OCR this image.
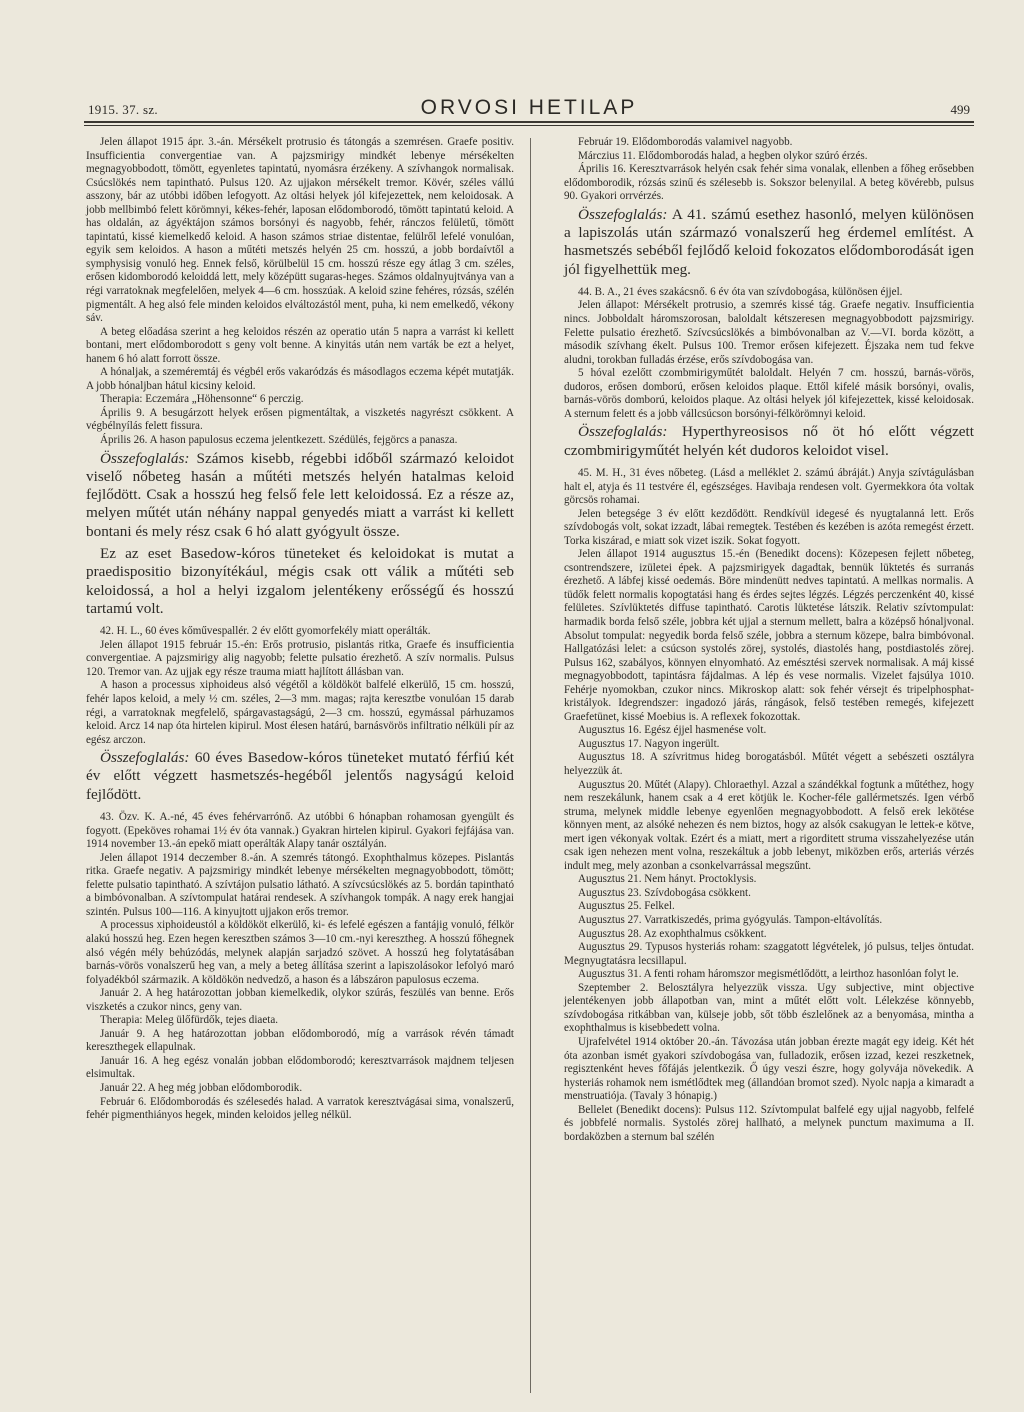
1915. 37. sz.	ORVOSI HETILAP	499

Jelen állapot 1915 ápr. 3.-án. Mérsékelt protrusio és tátongás a szemrésen. Graefe positiv. Insufficientia convergentiae van. A pajzsmirigy mindkét lebenye mérsékelten megnagyobbodott, tömött, egyenletes tapintatú, nyomásra érzékeny. A szívhangok normalisak. Csúcslökés nem tapintható. Pulsus 120. Az ujjakon mérsékelt tremor. Kövér, széles vállú asszony, bár az utóbbi időben lefogyott. Az oltási helyek jól kifejezettek, nem keloidosak. A jobb mellbimbó felett körömnyi, kékes-fehér, laposan elődomborodó, tömött tapintatú keloid. A has oldalán, az ágyéktájon számos borsónyi és nagyobb, fehér, ránczos felületű, tömött tapintatú, kissé kiemelkedő keloid. A hason számos striae distentae, felülről lefelé vonulóan, egyik sem keloidos. A hason a műtéti metszés helyén 25 cm. hosszú, a jobb bordaívtől a symphysisig vonuló heg. Ennek felső, körülbelül 15 cm. hosszú része egy átlag 3 cm. széles, erősen kidomborodó keloiddá lett, mely középütt sugaras-heges. Számos oldalnyujtványa van a régi varratoknak megfelelően, melyek 4—6 cm. hosszúak. A keloid szine fehéres, rózsás, szélén pigmentált. A heg alsó fele minden keloidos elváltozástól ment, puha, ki nem emelkedő, vékony sáv.

A beteg előadása szerint a heg keloidos részén az operatio után 5 napra a varrást ki kellett bontani, mert elődomborodott s geny volt benne. A kinyitás után nem varták be ezt a helyet, hanem 6 hó alatt forrott össze.

A hónaljak, a szeméremtáj és végbél erős vakaródzás és másodlagos eczema képét mutatják. A jobb hónaljban hátul kicsiny keloid.

Therapia: Eczemára „Höhensonne“ 6 perczig.

Április 9. A besugárzott helyek erősen pigmentáltak, a viszketés nagyrészt csökkent. A végbélnyílás felett fissura.

Április 26. A hason papulosus eczema jelentkezett. Szédülés, fejgörcs a panasza.

Összefoglalás: Számos kisebb, régebbi időből származó keloidot viselő nőbeteg hasán a műtéti metszés helyén hatalmas keloid fejlődött. Csak a hosszú heg felső fele lett keloidossá. Ez a része az, melyen műtét után néhány nappal genyedés miatt a varrást ki kellett bontani és mely rész csak 6 hó alatt gyógyult össze.

Ez az eset Basedow-kóros tüneteket és keloidokat is mutat a praedispositio bizonyítékául, mégis csak ott válik a műtéti seb keloidossá, a hol a helyi izgalom jelentékeny erősségű és hosszú tartamú volt.

42. H. L., 60 éves kőművespallér. 2 év előtt gyomorfekély miatt operálták.

Jelen állapot 1915 február 15.-én: Erős protrusio, pislantás ritka, Graefe és insufficientia convergentiae. A pajzsmirigy alig nagyobb; felette pulsatio érezhető. A szív normalis. Pulsus 120. Tremor van. Az ujjak egy része trauma miatt hajlított állásban van.

A hason a processus xiphoideus alsó végétől a köldököt balfelé elkerülő, 15 cm. hosszú, fehér lapos keloid, a mely ½ cm. széles, 2—3 mm. magas; rajta keresztbe vonulóan 15 darab régi, a varratoknak megfelelő, spárgavastagságú, 2—3 cm. hosszú, egymással párhuzamos keloid. Arcz 14 nap óta hirtelen kipirul. Most élesen határú, barnásvörös infiltratio nélküli pír az egész arczon.

Összefoglalás: 60 éves Basedow-kóros tüneteket mutató férfiú két év előtt végzett hasmetszés-hegéből jelentős nagyságú keloid fejlődött.

43. Özv. K. A.-né, 45 éves fehérvarrónő. Az utóbbi 6 hónapban rohamosan gyengült és fogyott. (Epeköves rohamai 1½ év óta vannak.) Gyakran hirtelen kipirul. Gyakori fejfájása van. 1914 november 13.-án epekő miatt operálták Alapy tanár osztályán.

Jelen állapot 1914 deczember 8.-án. A szemrés tátongó. Exophthalmus közepes. Pislantás ritka. Graefe negativ. A pajzsmirigy mindkét lebenye mérsékelten megnagyobbodott, tömött; felette pulsatio tapintható. A szívtájon pulsatio látható. A szívcsúcslökés az 5. bordán tapintható a bimbóvonalban. A szívtompulat határai rendesek. A szívhangok tompák. A nagy erek hangjai szintén. Pulsus 100—116. A kinyujtott ujjakon erős tremor.

A processus xiphoideustól a köldököt elkerülő, ki- és lefelé egészen a fantájig vonuló, félkör alakú hosszú heg. Ezen hegen keresztben számos 3—10 cm.-nyi keresztheg. A hosszú főhegnek alsó végén mély behúzódás, melynek alapján sarjadzó szövet. A hosszú heg folytatásában barnás-vörös vonalszerű heg van, a mely a beteg állítása szerint a lapiszolásokor lefolyó maró folyadékból származik. A köldökön nedvedző, a hason és a lábszáron papulosus eczema.

Január 2. A heg határozottan jobban kiemelkedik, olykor szúrás, feszülés van benne. Erős viszketés a czukor nincs, geny van.

Therapia: Meleg ülőfürdők, tejes diaeta.

Január 9. A heg határozottan jobban elődomborodó, míg a varrások révén támadt kereszthegek ellapulnak.

Január 16. A heg egész vonalán jobban elődomborodó; keresztvarrások majdnem teljesen elsimultak.

Január 22. A heg még jobban elődomborodik.

Február 6. Elődomborodás és szélesedés halad. A varratok keresztvágásai sima, vonalszerű, fehér pigmenthiányos hegek, minden keloidos jelleg nélkül.

Február 19. Elődomborodás valamivel nagyobb.

Márczius 11. Elődomborodás halad, a hegben olykor szúró érzés.

Április 16. Keresztvarrások helyén csak fehér sima vonalak, ellenben a főheg erősebben elődomborodik, rózsás szinű és szélesebb is. Sokszor belenyilal. A beteg kövérebb, pulsus 90. Gyakori orrvérzés.

Összefoglalás: A 41. számú esethez hasonló, melyen különösen a lapiszolás után származó vonalszerű heg érdemel említést. A hasmetszés sebéből fejlődő keloid fokozatos elődomborodását igen jól figyelhettük meg.

44. B. A., 21 éves szakácsnő. 6 év óta van szívdobogása, különösen éjjel.

Jelen állapot: Mérsékelt protrusio, a szemrés kissé tág. Graefe negativ. Insufficientia nincs. Jobboldalt háromszorosan, baloldalt kétszeresen megnagyobbodott pajzsmirigy. Felette pulsatio érezhető. Szívcsúcslökés a bimbóvonalban az V.—VI. borda között, a második szívhang ékelt. Pulsus 100. Tremor erősen kifejezett. Éjszaka nem tud fekve aludni, torokban fulladás érzése, erős szívdobogása van.

5 hóval ezelőtt czombmirigyműtét baloldalt. Helyén 7 cm. hosszú, barnás-vörös, dudoros, erősen domború, erősen keloidos plaque. Ettől kifelé másik borsónyi, ovalis, barnás-vörös domború, keloidos plaque. Az oltási helyek jól kifejezettek, kissé keloidosak. A sternum felett és a jobb vállcsúcson borsónyi-félkörömnyi keloid.

Összefoglalás: Hyperthyreosisos nő öt hó előtt végzett czombmirigyműtét helyén két dudoros keloidot visel.

45. M. H., 31 éves nőbeteg. (Lásd a melléklet 2. számú ábráját.) Anyja szívtágulásban halt el, atyja és 11 testvére él, egészséges. Havibaja rendesen volt. Gyermekkora óta voltak görcsös rohamai.

Jelen betegsége 3 év előtt kezdődött. Rendkívül idegesé és nyugtalanná lett. Erős szívdobogás volt, sokat izzadt, lábai remegtek. Testében és kezében is azóta remegést érzett. Torka kiszárad, e miatt sok vizet iszik. Sokat fogyott.

Jelen állapot 1914 augusztus 15.-én (Benedikt docens): Közepesen fejlett nőbeteg, csontrendszere, izületei épek. A pajzsmirigyek dagadtak, bennük lüktetés és surranás érezhető. A lábfej kissé oedemás. Böre mindenütt nedves tapintatú. A mellkas normalis. A tüdők felett normalis kopogtatási hang és érdes sejtes légzés. Légzés perczenként 40, kissé felületes. Szívlüktetés diffuse tapintható. Carotis lüktetése látszik. Relativ szívtompulat: harmadik borda felső széle, jobbra két ujjal a sternum mellett, balra a középső hónaljvonal. Absolut tompulat: negyedik borda felső széle, jobbra a sternum közepe, balra bimbóvonal. Hallgatózási lelet: a csúcson systolés zörej, systolés, diastolés hang, postdiastolés zörej. Pulsus 162, szabályos, könnyen elnyomható. Az emésztési szervek normalisak. A máj kissé megnagyobbodott, tapintásra fájdalmas. A lép és vese normalis. Vizelet fajsúlya 1010. Fehérje nyomokban, czukor nincs. Mikroskop alatt: sok fehér vérsejt és tripelphosphat-kristályok. Idegrendszer: ingadozó járás, rángások, felső testében remegés, kifejezett Graefetünet, kissé Moebius is. A reflexek fokozottak.

Augusztus 16. Egész éjjel hasmenése volt.

Augusztus 17. Nagyon ingerült.

Augusztus 18. A szívritmus hideg borogatásból. Műtét végett a sebészeti osztályra helyezzük át.

Augusztus 20. Műtét (Alapy). Chloraethyl. Azzal a szándékkal fogtunk a műtéthez, hogy nem reszekálunk, hanem csak a 4 eret kötjük le. Kocher-féle gallérmetszés. Igen vérbő struma, melynek middle lebenye egyenlően megnagyobbodott. A felső erek lekötése könnyen ment, az alsóké nehezen és nem biztos, hogy az alsók csakugyan le lettek-e kötve, mert igen vékonyak voltak. Ezért és a miatt, mert a rigorditett struma visszahelyezése után csak igen nehezen ment volna, reszekáltuk a jobb lebenyt, miközben erős, arteriás vérzés indult meg, mely azonban a csonkelvarrással megszűnt.

Augusztus 21. Nem hányt. Proctoklysis.

Augusztus 23. Szívdobogása csökkent.

Augusztus 25. Felkel.

Augusztus 27. Varratkiszedés, prima gyógyulás. Tampon-eltávolítás.

Augusztus 28. Az exophthalmus csökkent.

Augusztus 29. Typusos hysteriás roham: szaggatott légvételek, jó pulsus, teljes öntudat. Megnyugtatásra lecsillapul.

Augusztus 31. A fenti roham háromszor megismétlődött, a leirthoz hasonlóan folyt le.

Szeptember 2. Belosztályra helyezzük vissza. Ugy subjective, mint objective jelentékenyen jobb állapotban van, mint a műtét előtt volt. Lélekzése könnyebb, szívdobogása ritkábban van, külseje jobb, sőt több észlelőnek az a benyomása, mintha a exophthalmus is kisebbedett volna.

Ujrafelvétel 1914 október 20.-án. Távozása után jobban érezte magát egy ideig. Két hét óta azonban ismét gyakori szívdobogása van, fulladozik, erősen izzad, kezei reszketnek, regisztenként heves főfájás jelentkezik. Ő úgy veszi észre, hogy golyvája növekedik. A hysteriás rohamok nem ismétlődtek meg (állandóan bromot szed). Nyolc napja a kimaradt a menstruatiója. (Tavaly 3 hónapig.)

Bellelet (Benedikt docens): Pulsus 112. Szívtompulat balfelé egy ujjal nagyobb, felfelé és jobbfelé normalis. Systolés zörej hallható, a melynek punctum maximuma a II. bordaközben a sternum bal szélén
